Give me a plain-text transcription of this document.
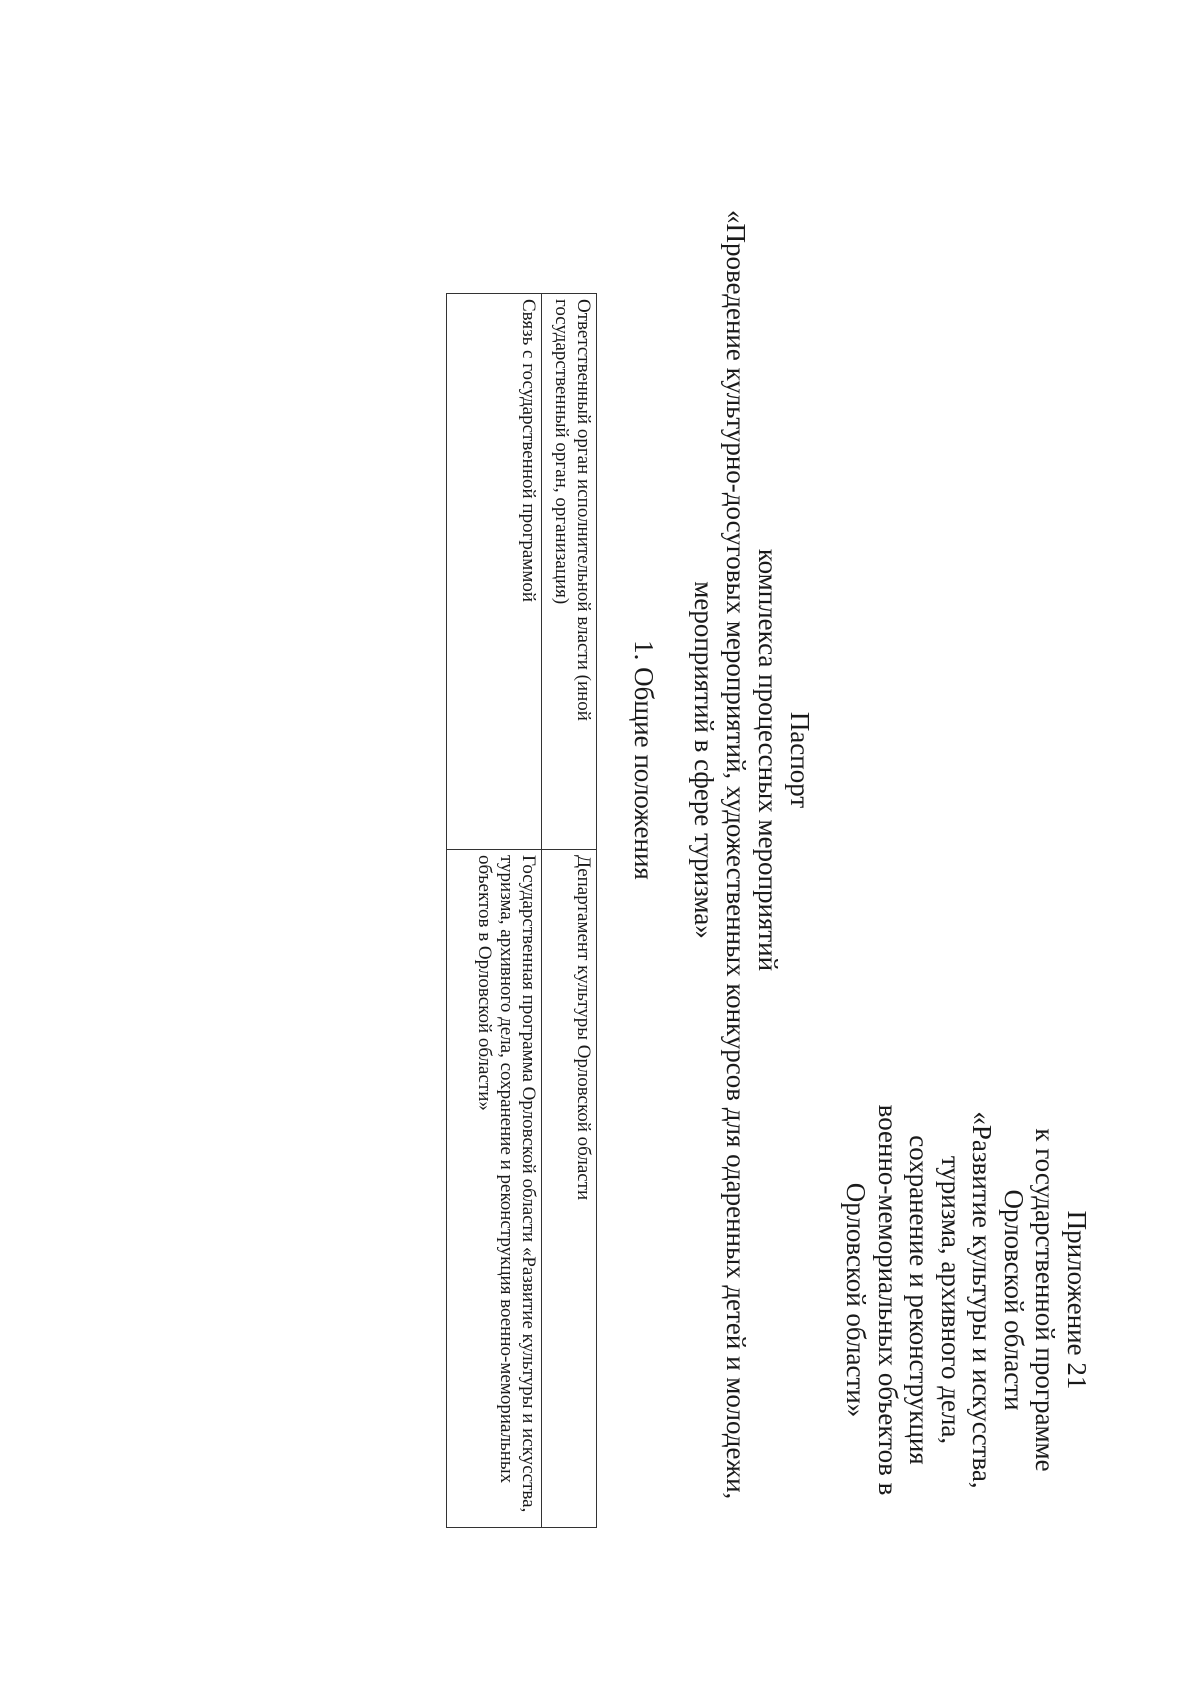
Приложение 21
к государственной программе
Орловской области
«Развитие культуры и искусства,
туризма, архивного дела,
сохранение и реконструкция
военно-мемориальных объектов в
Орловской области»
Паспорт
комплекса процессных мероприятий
«Проведение культурно-досуговых мероприятий, художественных конкурсов для одаренных детей и молодежи,
мероприятий в сфере туризма»
1. Общие положения
Ответственный орган исполнительной власти (иной государственный орган, организация)	Департамент культуры Орловской области
Связь с государственной программой	Государственная программа Орловской области «Развитие культуры и искусства, туризма, архивного дела, сохранение и реконструкция военно-мемориальных объектов в Орловской области»
